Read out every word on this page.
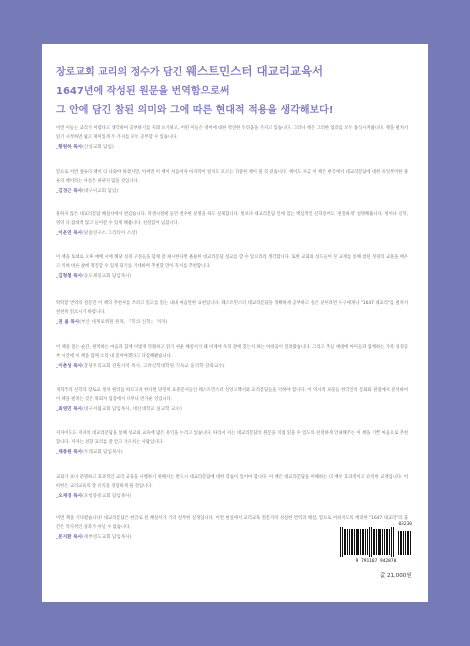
장로교회 교리의 정수가 담긴 웨스트민스터 대교리교육서
1647년에 작성된 원문을 번역함으로써
그 안에 담긴 참된 의미와 그에 따른 현대적 적용을 생각해보다!

이번 이들는 교리가 어렵다고 생각하여 공부하기를 지레 포기하고, 어떤 이들은 영어에 대한 막연한 두려움을 가지고 있습니다. 그러나 책은 그러한 염려를 모두 불식시켜줍니다. 책을 펼쳐서 읽기 시작하면 쉽고 재미있게 두 가지를 모두 공부할 수 있습니다.

_황원하 목사(산성교회 담임)

앞으로 이번 종류의 책이 더 나와야 하겠지만, 어쩌면 이 책이 처음이자 마지막이 될지도 모르는 귀중한 책이 될 것 같습니다. 책어도 지금 이 책은 한국에서 대교리문답에 대한 유일무이한 종류의 책이라는 사실은 바뀌지 않을 것입니다.

_김경근 목사(대구이교회 담임)

흔하지 않은 대교리문답 해설서에서 반갑습니다. 학생시절에 듣던 전수한 분명을 하도 실제합니다. 빛보다 대교리문답 안에 있는 핵심적인 신학용어도 '친절하게' 설명해줍니다. 영어나 신학, 영역 다 잡대적 않고 들어갈 수 있게 해줍니다. 친절함이 넘칩니다.

_이운연 목사(말씀연구소 그리티아 소장)

이 책을 토대로 오후 예배 시에 해당 성경 구절들을 함께 잘 제시한다면 훌륭한 대교리문답 설교를 할 수 있으리라 생각합니다. 또한 교회와 성도들이 본 교재를 통해 참된 성경의 교훈을 배우고 익혀 바른 삶에 정진할 수 있게 되기를 기대하며 추천할 만이 꼭서를 추천합니다.

_김형철 목사(송도제일교회 담임목사)

딱딱할 번역의 질문만 이 책의 추천사를 쓰려고 읽고를 읽는 내내 마음만한 표현입니다. 웨스트민스터 대교리문답을 정확하게 공부하고 싶은 분이라면 누구에게나 "1647 대교리"를 펼쳐서 천천히 읽으시기 바랍니다.

_권 율 목사(부산 세계로병원 원목, 『복의 신학』 저자)

이 책을 읽는 순간, 편역하는 마음과 함께 이렇게 탁월하고 읽기 쉬운 해설서가 왜 이제야 우리 곁에 찾는지 하는 아쉬움이 밀려왔습니다. 그리고 추심 세대에 아이들과 함께하는 가족 성경공부 시간에 이 책을 함께 소리 내 읽어야겠다고 다짐해봤습니다.

_이춘성 목사(봉당우리교회 전원사역 목사, 고려신학대학원 기독교 윤리학 강좌교수)

개혁주의 신학과 장로교 정치 원리를 따르고자 한다면 당연히 표준문서들인 웨스트민스터 신앙고백서와 교리문답들을 익혀야 합니다. 이 역사적 보물들 한국인의 문화와 관점에서 분석하여 이 책을 펼치는 것은 목회자 입장에서 너무나 반가운 일입니다.

_최영민 목사(대구서월교회 담임목사, 대신대학교 실교학 교수)

저자이도도 저자의 대교리문답을 통해 성교와 교육에 많은 유익을 누리고 있습니다. 따라서 저는 대교리문답의 원문을 직접 읽을 수 있도록 친절하게 안내해주는 이 책을 기쁜 마음으로 추천합니다. 저자는 성향 교리를 잘 알고 가르치는 사람입니다.

_채충원 목사(두레교회 담임목사)

교회가 보다 분명하고 효과적인 교리 교육을 시행하기 위해서는 반드시 대교리문답에 대한 학습이 있어야 합니다. 이 책은 대교리문답을 이해하는 더 배우 효과적이고 유익한 교재입니다. 어떠한은 교리교육의 장 유익을 경험하게 될 것입니다.

_오재경 목사(포항중흥교회 담임목사)

이번 책을 기다렸습니다! 대교리문답은 한글로 된 해설서가 거의 전무한 실정입니다. 이번 현실에서 교리교육 전문가의 성실한 번역과 해설, 앞으로 어쉬지도록 배려한 "1647 대교리"의 출간은 역사적인 성과가 아닐 수 없습니다.

_문지환 목사(세부영도교회 담임목사)
03230
9 791187 942870
값 21,000원
